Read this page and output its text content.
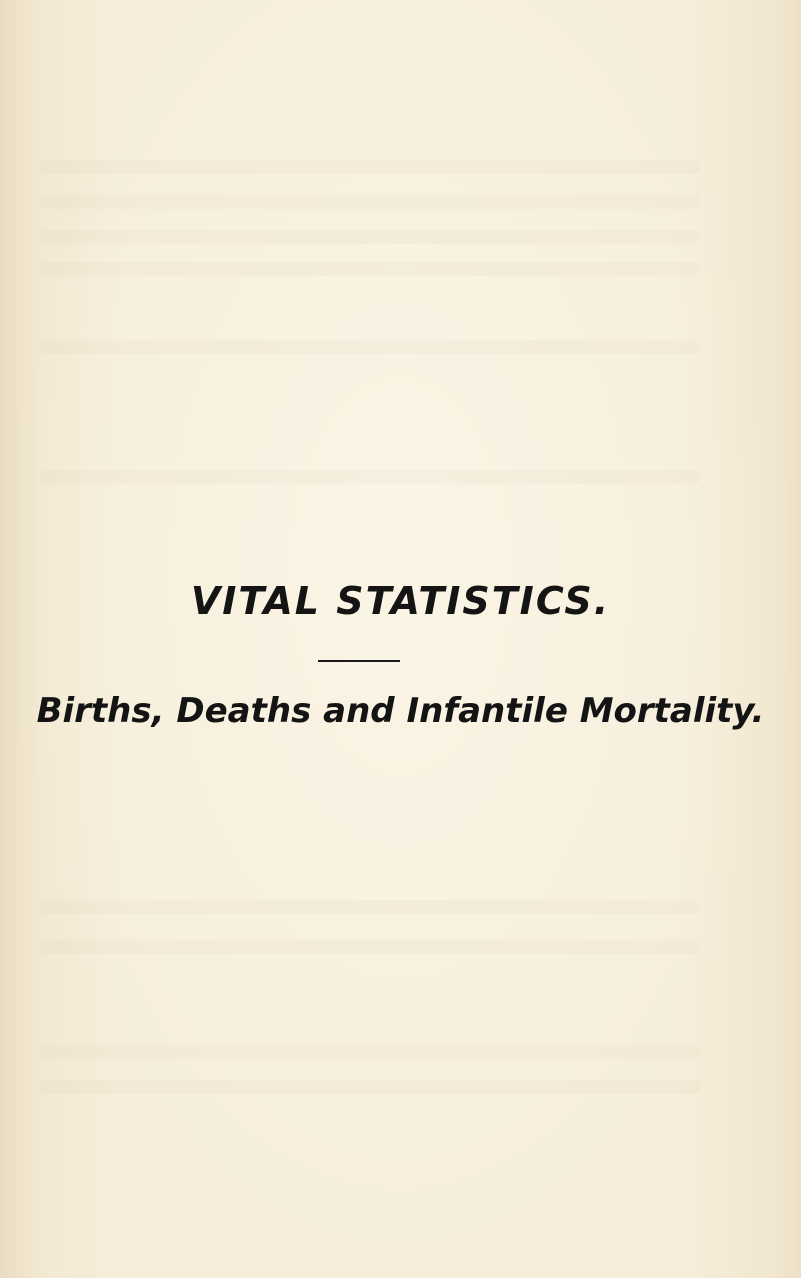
VITAL STATISTICS.
Births, Deaths and Infantile Mortality.
